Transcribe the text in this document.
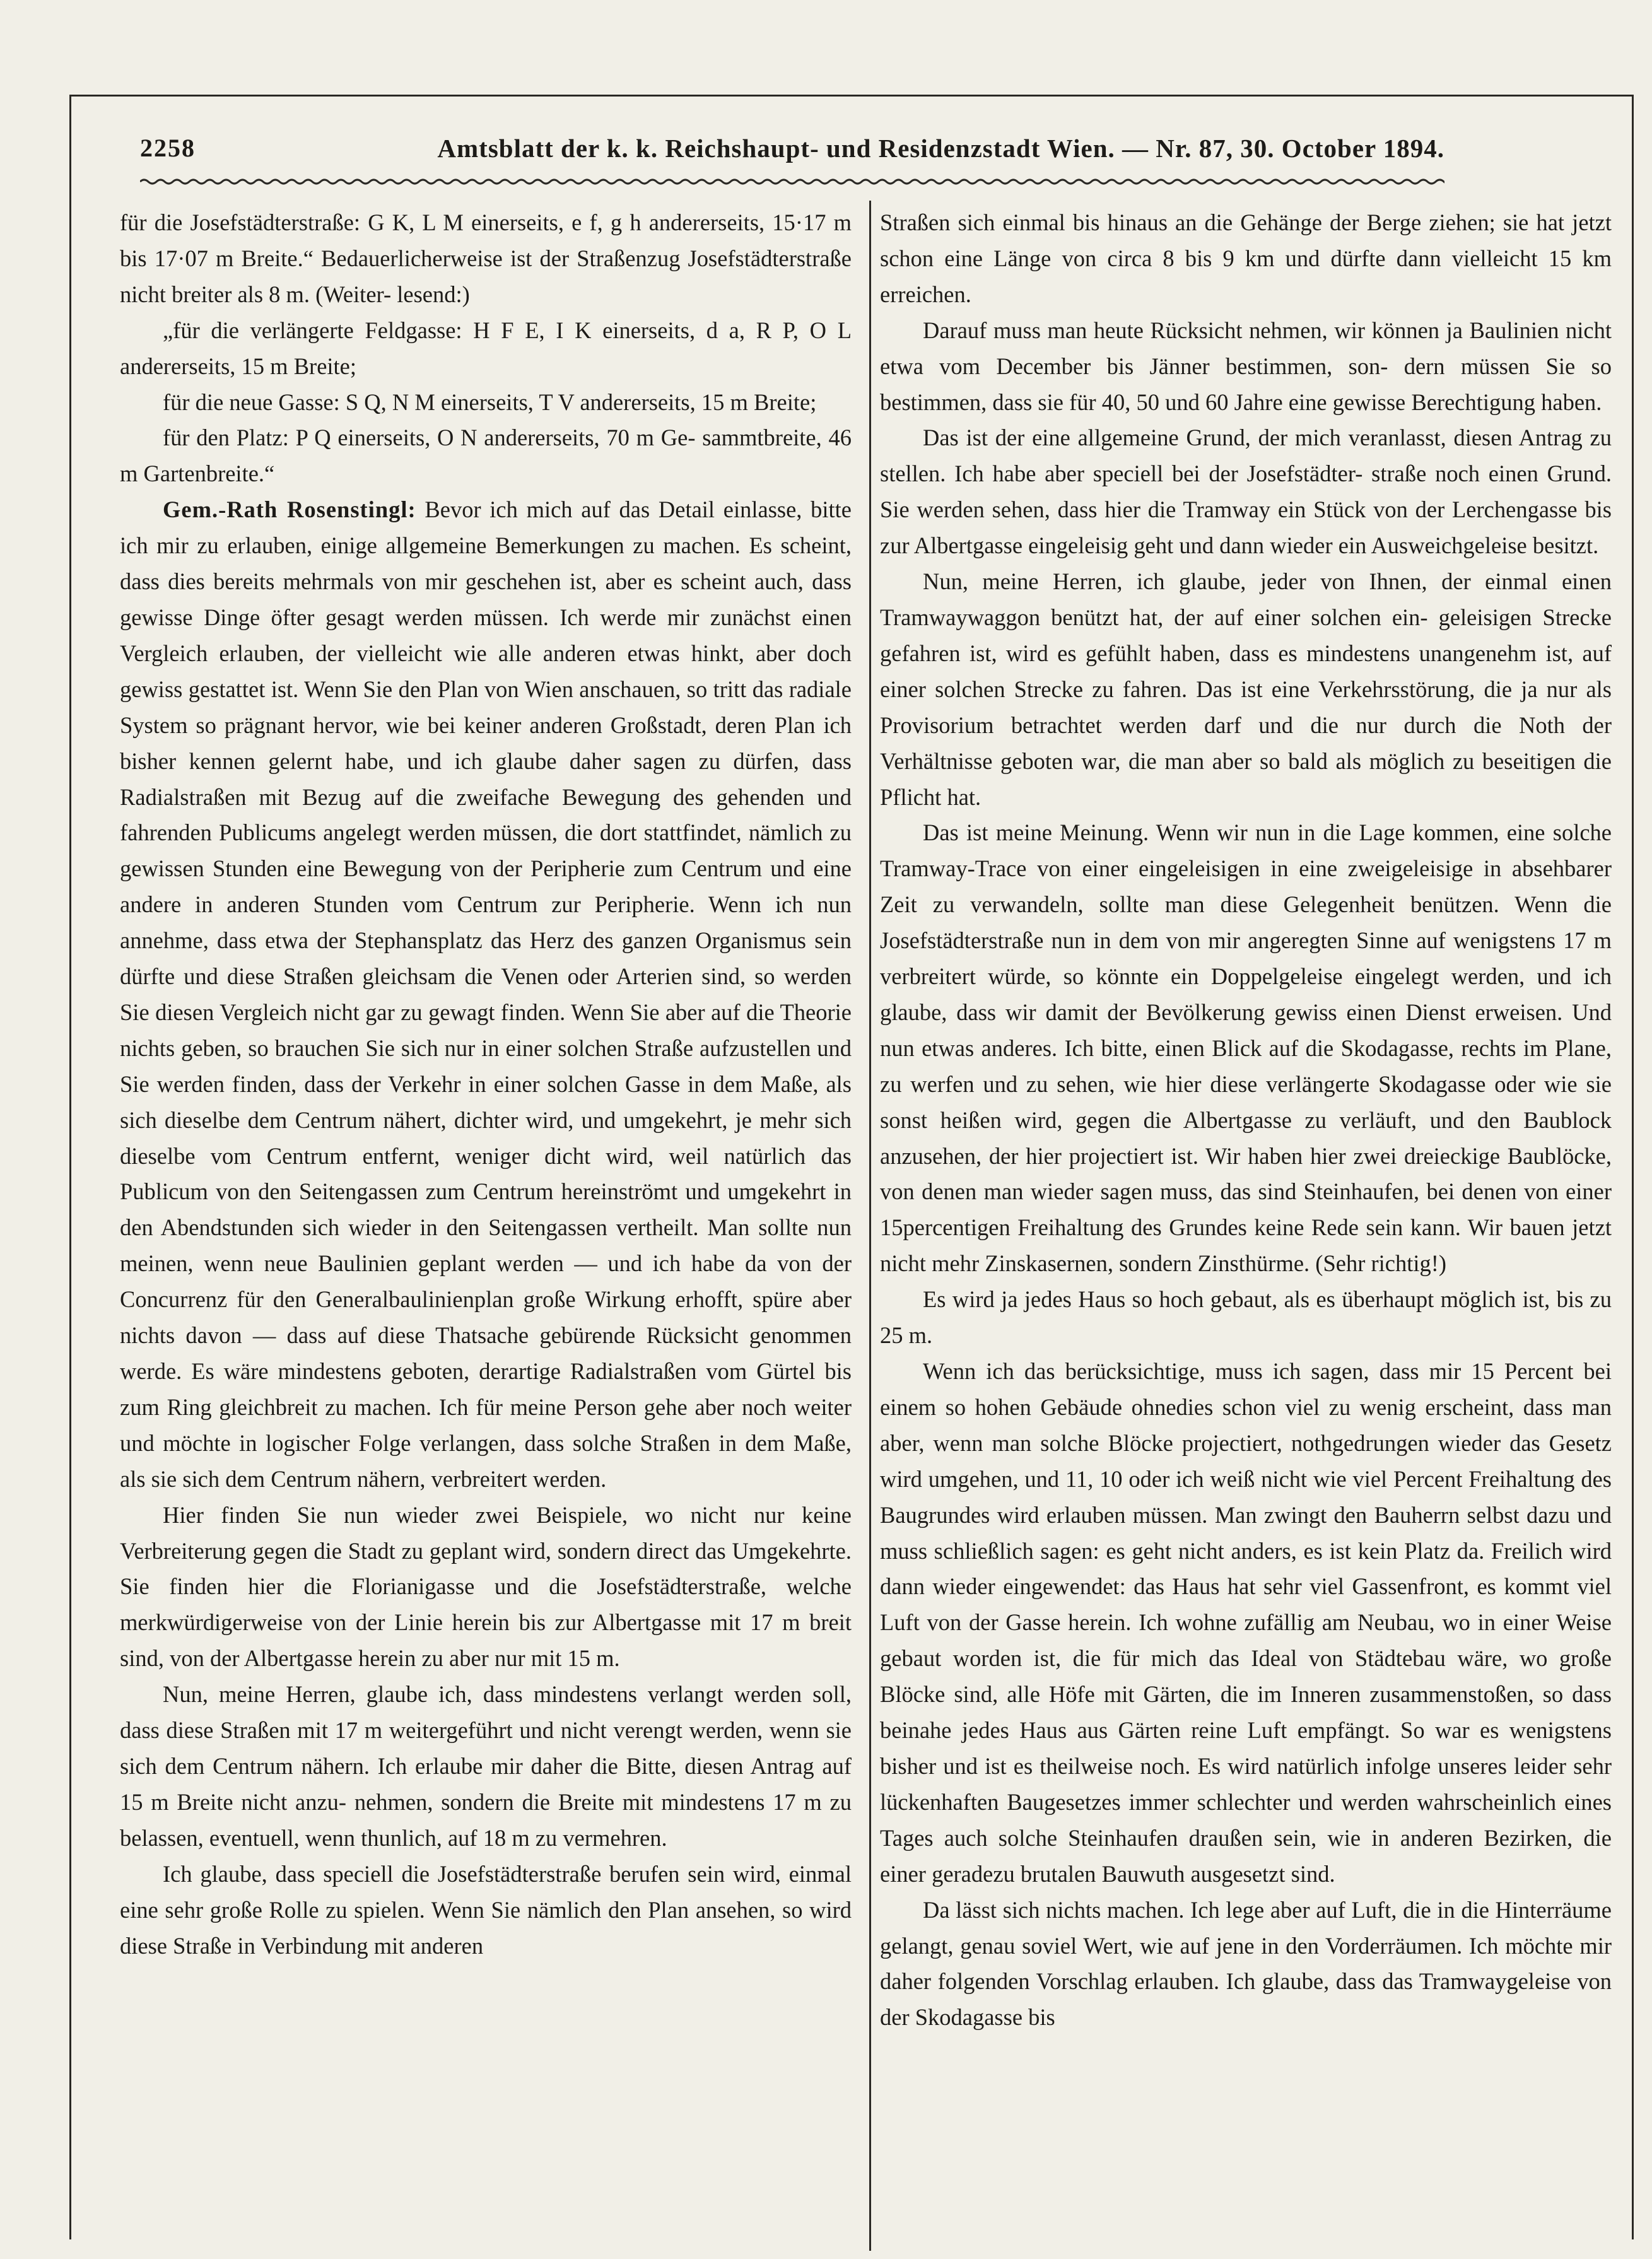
2258	Amtsblatt der k. k. Reichshaupt- und Residenzstadt Wien. — Nr. 87, 30. October 1894.

für die Josefstädterstraße: G K, L M einerseits, e f, g h andererseits, 15·17 m bis 17·07 m Breite.“ Bedauerlicherweise ist der Straßenzug Josefstädterstraße nicht breiter als 8 m. (Weiter- lesend:)

„für die verlängerte Feldgasse: H F E, I K einerseits, d a, R P, O L andererseits, 15 m Breite;

für die neue Gasse: S Q, N M einerseits, T V andererseits, 15 m Breite;

für den Platz: P Q einerseits, O N andererseits, 70 m Ge- sammtbreite, 46 m Gartenbreite.“

Gem.-Rath Rosenstingl: Bevor ich mich auf das Detail einlasse, bitte ich mir zu erlauben, einige allgemeine Bemerkungen zu machen. Es scheint, dass dies bereits mehrmals von mir geschehen ist, aber es scheint auch, dass gewisse Dinge öfter gesagt werden müssen. Ich werde mir zunächst einen Vergleich erlauben, der vielleicht wie alle anderen etwas hinkt, aber doch gewiss gestattet ist. Wenn Sie den Plan von Wien anschauen, so tritt das radiale System so prägnant hervor, wie bei keiner anderen Großstadt, deren Plan ich bisher kennen gelernt habe, und ich glaube daher sagen zu dürfen, dass Radialstraßen mit Bezug auf die zweifache Bewegung des gehenden und fahrenden Publicums angelegt werden müssen, die dort stattfindet, nämlich zu gewissen Stunden eine Bewegung von der Peripherie zum Centrum und eine andere in anderen Stunden vom Centrum zur Peripherie. Wenn ich nun annehme, dass etwa der Stephansplatz das Herz des ganzen Organismus sein dürfte und diese Straßen gleichsam die Venen oder Arterien sind, so werden Sie diesen Vergleich nicht gar zu gewagt finden. Wenn Sie aber auf die Theorie nichts geben, so brauchen Sie sich nur in einer solchen Straße aufzustellen und Sie werden finden, dass der Verkehr in einer solchen Gasse in dem Maße, als sich dieselbe dem Centrum nähert, dichter wird, und umgekehrt, je mehr sich dieselbe vom Centrum entfernt, weniger dicht wird, weil natürlich das Publicum von den Seitengassen zum Centrum hereinströmt und umgekehrt in den Abendstunden sich wieder in den Seitengassen vertheilt. Man sollte nun meinen, wenn neue Baulinien geplant werden — und ich habe da von der Concurrenz für den Generalbaulinienplan große Wirkung erhofft, spüre aber nichts davon — dass auf diese Thatsache gebürende Rücksicht genommen werde. Es wäre mindestens geboten, derartige Radialstraßen vom Gürtel bis zum Ring gleichbreit zu machen. Ich für meine Person gehe aber noch weiter und möchte in logischer Folge verlangen, dass solche Straßen in dem Maße, als sie sich dem Centrum nähern, verbreitert werden.

Hier finden Sie nun wieder zwei Beispiele, wo nicht nur keine Verbreiterung gegen die Stadt zu geplant wird, sondern direct das Umgekehrte. Sie finden hier die Florianigasse und die Josefstädterstraße, welche merkwürdigerweise von der Linie herein bis zur Albertgasse mit 17 m breit sind, von der Albertgasse herein zu aber nur mit 15 m.

Nun, meine Herren, glaube ich, dass mindestens verlangt werden soll, dass diese Straßen mit 17 m weitergeführt und nicht verengt werden, wenn sie sich dem Centrum nähern. Ich erlaube mir daher die Bitte, diesen Antrag auf 15 m Breite nicht anzu- nehmen, sondern die Breite mit mindestens 17 m zu belassen, eventuell, wenn thunlich, auf 18 m zu vermehren.

Ich glaube, dass speciell die Josefstädterstraße berufen sein wird, einmal eine sehr große Rolle zu spielen. Wenn Sie nämlich den Plan ansehen, so wird diese Straße in Verbindung mit anderen

Straßen sich einmal bis hinaus an die Gehänge der Berge ziehen; sie hat jetzt schon eine Länge von circa 8 bis 9 km und dürfte dann vielleicht 15 km erreichen.

Darauf muss man heute Rücksicht nehmen, wir können ja Baulinien nicht etwa vom December bis Jänner bestimmen, son- dern müssen Sie so bestimmen, dass sie für 40, 50 und 60 Jahre eine gewisse Berechtigung haben.

Das ist der eine allgemeine Grund, der mich veranlasst, diesen Antrag zu stellen. Ich habe aber speciell bei der Josefstädter- straße noch einen Grund. Sie werden sehen, dass hier die Tramway ein Stück von der Lerchengasse bis zur Albertgasse eingeleisig geht und dann wieder ein Ausweichgeleise besitzt.

Nun, meine Herren, ich glaube, jeder von Ihnen, der einmal einen Tramwaywaggon benützt hat, der auf einer solchen ein- geleisigen Strecke gefahren ist, wird es gefühlt haben, dass es mindestens unangenehm ist, auf einer solchen Strecke zu fahren. Das ist eine Verkehrsstörung, die ja nur als Provisorium betrachtet werden darf und die nur durch die Noth der Verhältnisse geboten war, die man aber so bald als möglich zu beseitigen die Pflicht hat.

Das ist meine Meinung. Wenn wir nun in die Lage kommen, eine solche Tramway-Trace von einer eingeleisigen in eine zweigeleisige in absehbarer Zeit zu verwandeln, sollte man diese Gelegenheit benützen. Wenn die Josefstädterstraße nun in dem von mir angeregten Sinne auf wenigstens 17 m verbreitert würde, so könnte ein Doppelgeleise eingelegt werden, und ich glaube, dass wir damit der Bevölkerung gewiss einen Dienst erweisen. Und nun etwas anderes. Ich bitte, einen Blick auf die Skodagasse, rechts im Plane, zu werfen und zu sehen, wie hier diese verlängerte Skodagasse oder wie sie sonst heißen wird, gegen die Albertgasse zu verläuft, und den Baublock anzusehen, der hier projectiert ist. Wir haben hier zwei dreieckige Baublöcke, von denen man wieder sagen muss, das sind Steinhaufen, bei denen von einer 15percentigen Freihaltung des Grundes keine Rede sein kann. Wir bauen jetzt nicht mehr Zinskasernen, sondern Zinsthürme. (Sehr richtig!)

Es wird ja jedes Haus so hoch gebaut, als es überhaupt möglich ist, bis zu 25 m.

Wenn ich das berücksichtige, muss ich sagen, dass mir 15 Percent bei einem so hohen Gebäude ohnedies schon viel zu wenig erscheint, dass man aber, wenn man solche Blöcke projectiert, nothgedrungen wieder das Gesetz wird umgehen, und 11, 10 oder ich weiß nicht wie viel Percent Freihaltung des Baugrundes wird erlauben müssen. Man zwingt den Bauherrn selbst dazu und muss schließlich sagen: es geht nicht anders, es ist kein Platz da. Freilich wird dann wieder eingewendet: das Haus hat sehr viel Gassenfront, es kommt viel Luft von der Gasse herein. Ich wohne zufällig am Neubau, wo in einer Weise gebaut worden ist, die für mich das Ideal von Städtebau wäre, wo große Blöcke sind, alle Höfe mit Gärten, die im Inneren zusammenstoßen, so dass beinahe jedes Haus aus Gärten reine Luft empfängt. So war es wenigstens bisher und ist es theilweise noch. Es wird natürlich infolge unseres leider sehr lückenhaften Baugesetzes immer schlechter und werden wahrscheinlich eines Tages auch solche Steinhaufen draußen sein, wie in anderen Bezirken, die einer geradezu brutalen Bauwuth ausgesetzt sind.

Da lässt sich nichts machen. Ich lege aber auf Luft, die in die Hinterräume gelangt, genau soviel Wert, wie auf jene in den Vorderräumen. Ich möchte mir daher folgenden Vorschlag erlauben. Ich glaube, dass das Tramwaygeleise von der Skodagasse bis
